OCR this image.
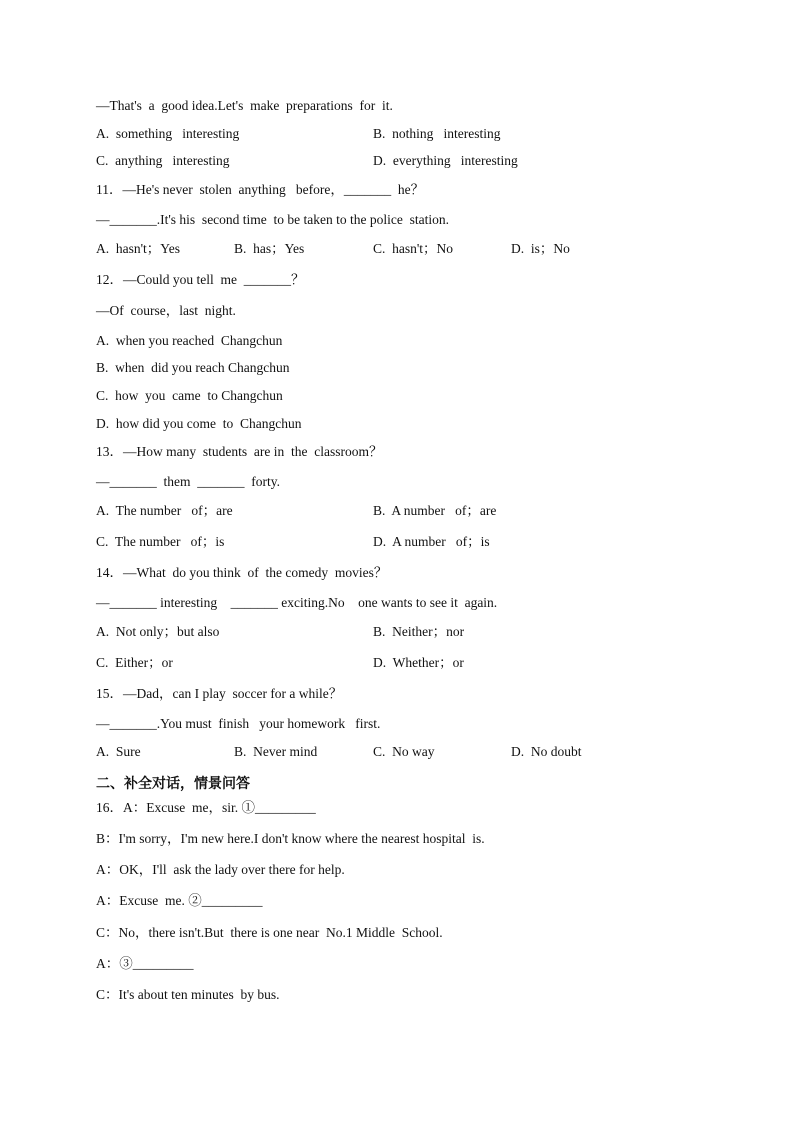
—That's  a  good idea.Let's  make  preparations  for  it.
A.  something   interesting	B.  nothing   interesting
C.  anything   interesting	D.  everything   interesting
11．—He's never  stolen  anything   before，_______  he？
—_______.It's his  second time  to be taken to the police  station.
A.  hasn't；Yes	B.  has；Yes	C.  hasn't；No	D.  is；No
12．—Could you tell  me  _______？
—Of  course，last  night.
A.  when you reached  Changchun
B.  when  did you reach Changchun
C.  how  you  came  to Changchun
D.  how did you come  to  Changchun
13．—How many  students  are in  the  classroom？
—_______  them  _______  forty.
A.  The number   of；are	B.  A number   of；are
C.  The number   of；is	D.  A number   of；is
14．—What  do you think  of  the comedy  movies？
—_______ interesting    _______ exciting.No    one wants to see it  again.
A.  Not only；but also	B.  Neither；nor
C.  Either；or	D.  Whether；or
15．—Dad，can I play  soccer for a while？
—_______.You must  finish   your homework   first.
A.  Sure	B.  Never mind	C.  No way	D.  No doubt
二、补全对话，情景问答
16．A：Excuse  me，sir. ①_________
B：I'm sorry，I'm new here.I don't know where the nearest hospital  is.
A：OK，I'll  ask the lady over there for help.
A：Excuse  me. ②_________
C：No，there isn't.But  there is one near  No.1 Middle  School.
A：③_________
C：It's about ten minutes  by bus.
